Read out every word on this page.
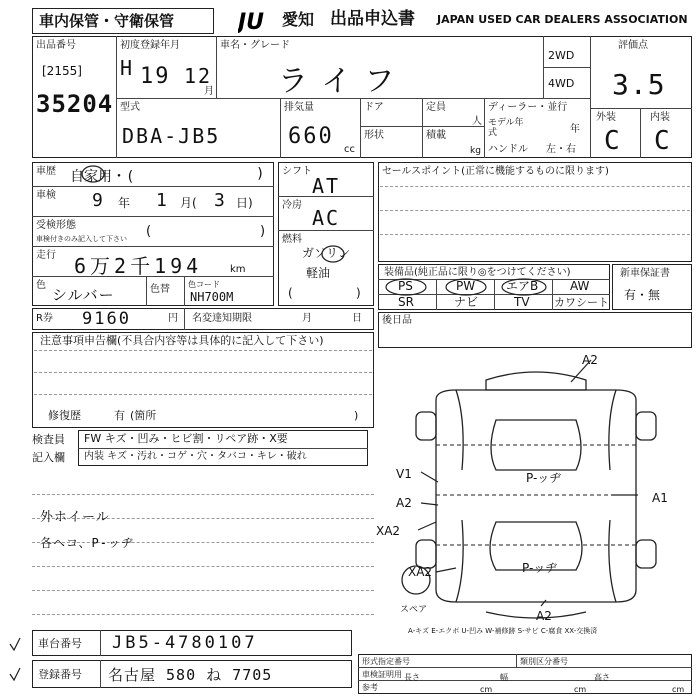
車内保管・守衛保管	JU 愛知 出品申込書 JAPAN USED CAR DEALERS ASSOCIATION
出品番号
[2155]
35204
初度登録年月
H 19 12
月
車名・グレード
ライフ
2WD
4WD
評価点
3.5
外装	内装
C C
型式
DBA-JB5
排気量
660
cc
ドア	定員
人
形状	積載
kg
ディーラー・並行
モデル年式	年
ハンドル 左・右
車歴 自家用・(	)
車検 9 年 1 月( 3 日)
受検形態
車検付きのみ記入して下さい (	)
走行 6万2千194	km
色
シルバー	色替 色コード
NH700M
R券 9160	円 名変達知期限	月	日
シフト
AT
冷房
AC
燃料
ガソリン
軽油
(	)
セールスポイント(正常に機能するものに限ります)
装備品(純正品に限り◎をつけてください)
PS	PW	エアB	AW
SR	ナビ	TV カワシート
新車保証書
有・無
注意事項申告欄(不具合内容等は具体的に記入して下さい)
修復歴	有 (箇所	)
後日品
検査員
記入欄
FW キズ・凹み・ヒビ割・リペア跡・X要
内装 キズ・汚れ・コゲ・穴・タバコ・キレ・破れ
外ホイール
各ヘコ、P-ッヂ
A2
V1
A2	A1
XA2
XA2
A2
P-ッヂ
P-ッヂ
スペア
A-キズ E-エクボ U-凹み W-補修跡 S-サビ C-腐食 XX-交換済
車台番号 JB5-4780107
登録番号 名古屋 580 ね 7705
形式指定番号	類別区分番号
車検証明用
参考
長さ
cm
幅
cm
高さ
cm
